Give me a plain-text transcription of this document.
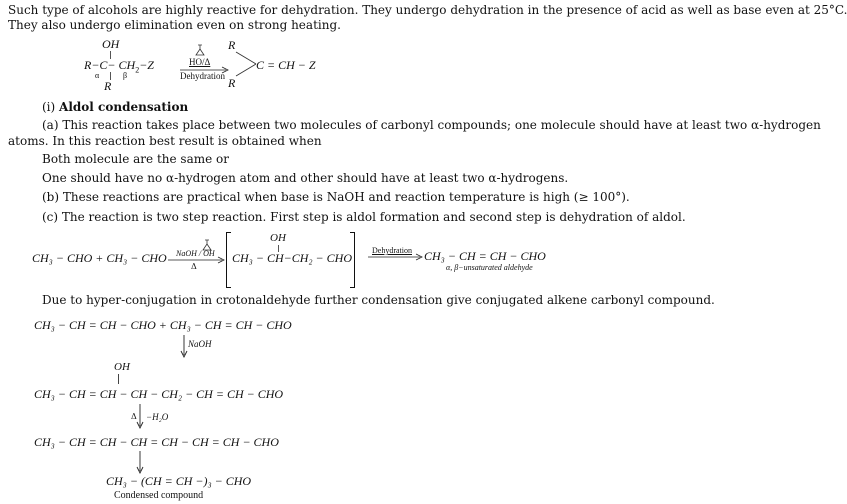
Such type of alcohols are highly reactive for dehydration. They undergo dehydration in the presence of acid as well as base even at 25°C.
They also undergo elimination even on strong heating.
OH
$R-C- CH_2-Z$
α	β
R
HO/Δ
Dehydration
R
C = CH − Z
R
(i) Aldol condensation
(a) This reaction takes place between two molecules of carbonyl compounds; one molecule should have at least two α-hydrogen
atoms. In this reaction best result is obtained when
Both molecule are the same or
One should have no α-hydrogen atom and other should have at least two α-hydrogens.
(b) These reactions are practical when base is NaOH and reaction temperature is high (≥ 100°).
(c) The reaction is two step reaction. First step is aldol formation and second step is dehydration of aldol.
CH₃ − CHO + CH₃ − CHO NaOH / OH
Δ
OH
CH₃ − CH−CH₂ − CHO
Dehydration CH₃ − CH = CH − CHO
α, β−unsaturated aldehyde
Due to hyper-conjugation in crotonaldehyde further condensation give conjugated alkene carbonyl compound.
CH₃ − CH = CH − CHO + CH₃ − CH = CH − CHO
NaOH
OH
CH₃ − CH = CH − CH − CH₂ − CH = CH − CHO
Δ −H₂O
CH₃ − CH = CH − CH = CH − CH = CH − CHO
CH₃ − (CH = CH −)₃ − CHO
Condensed compound
